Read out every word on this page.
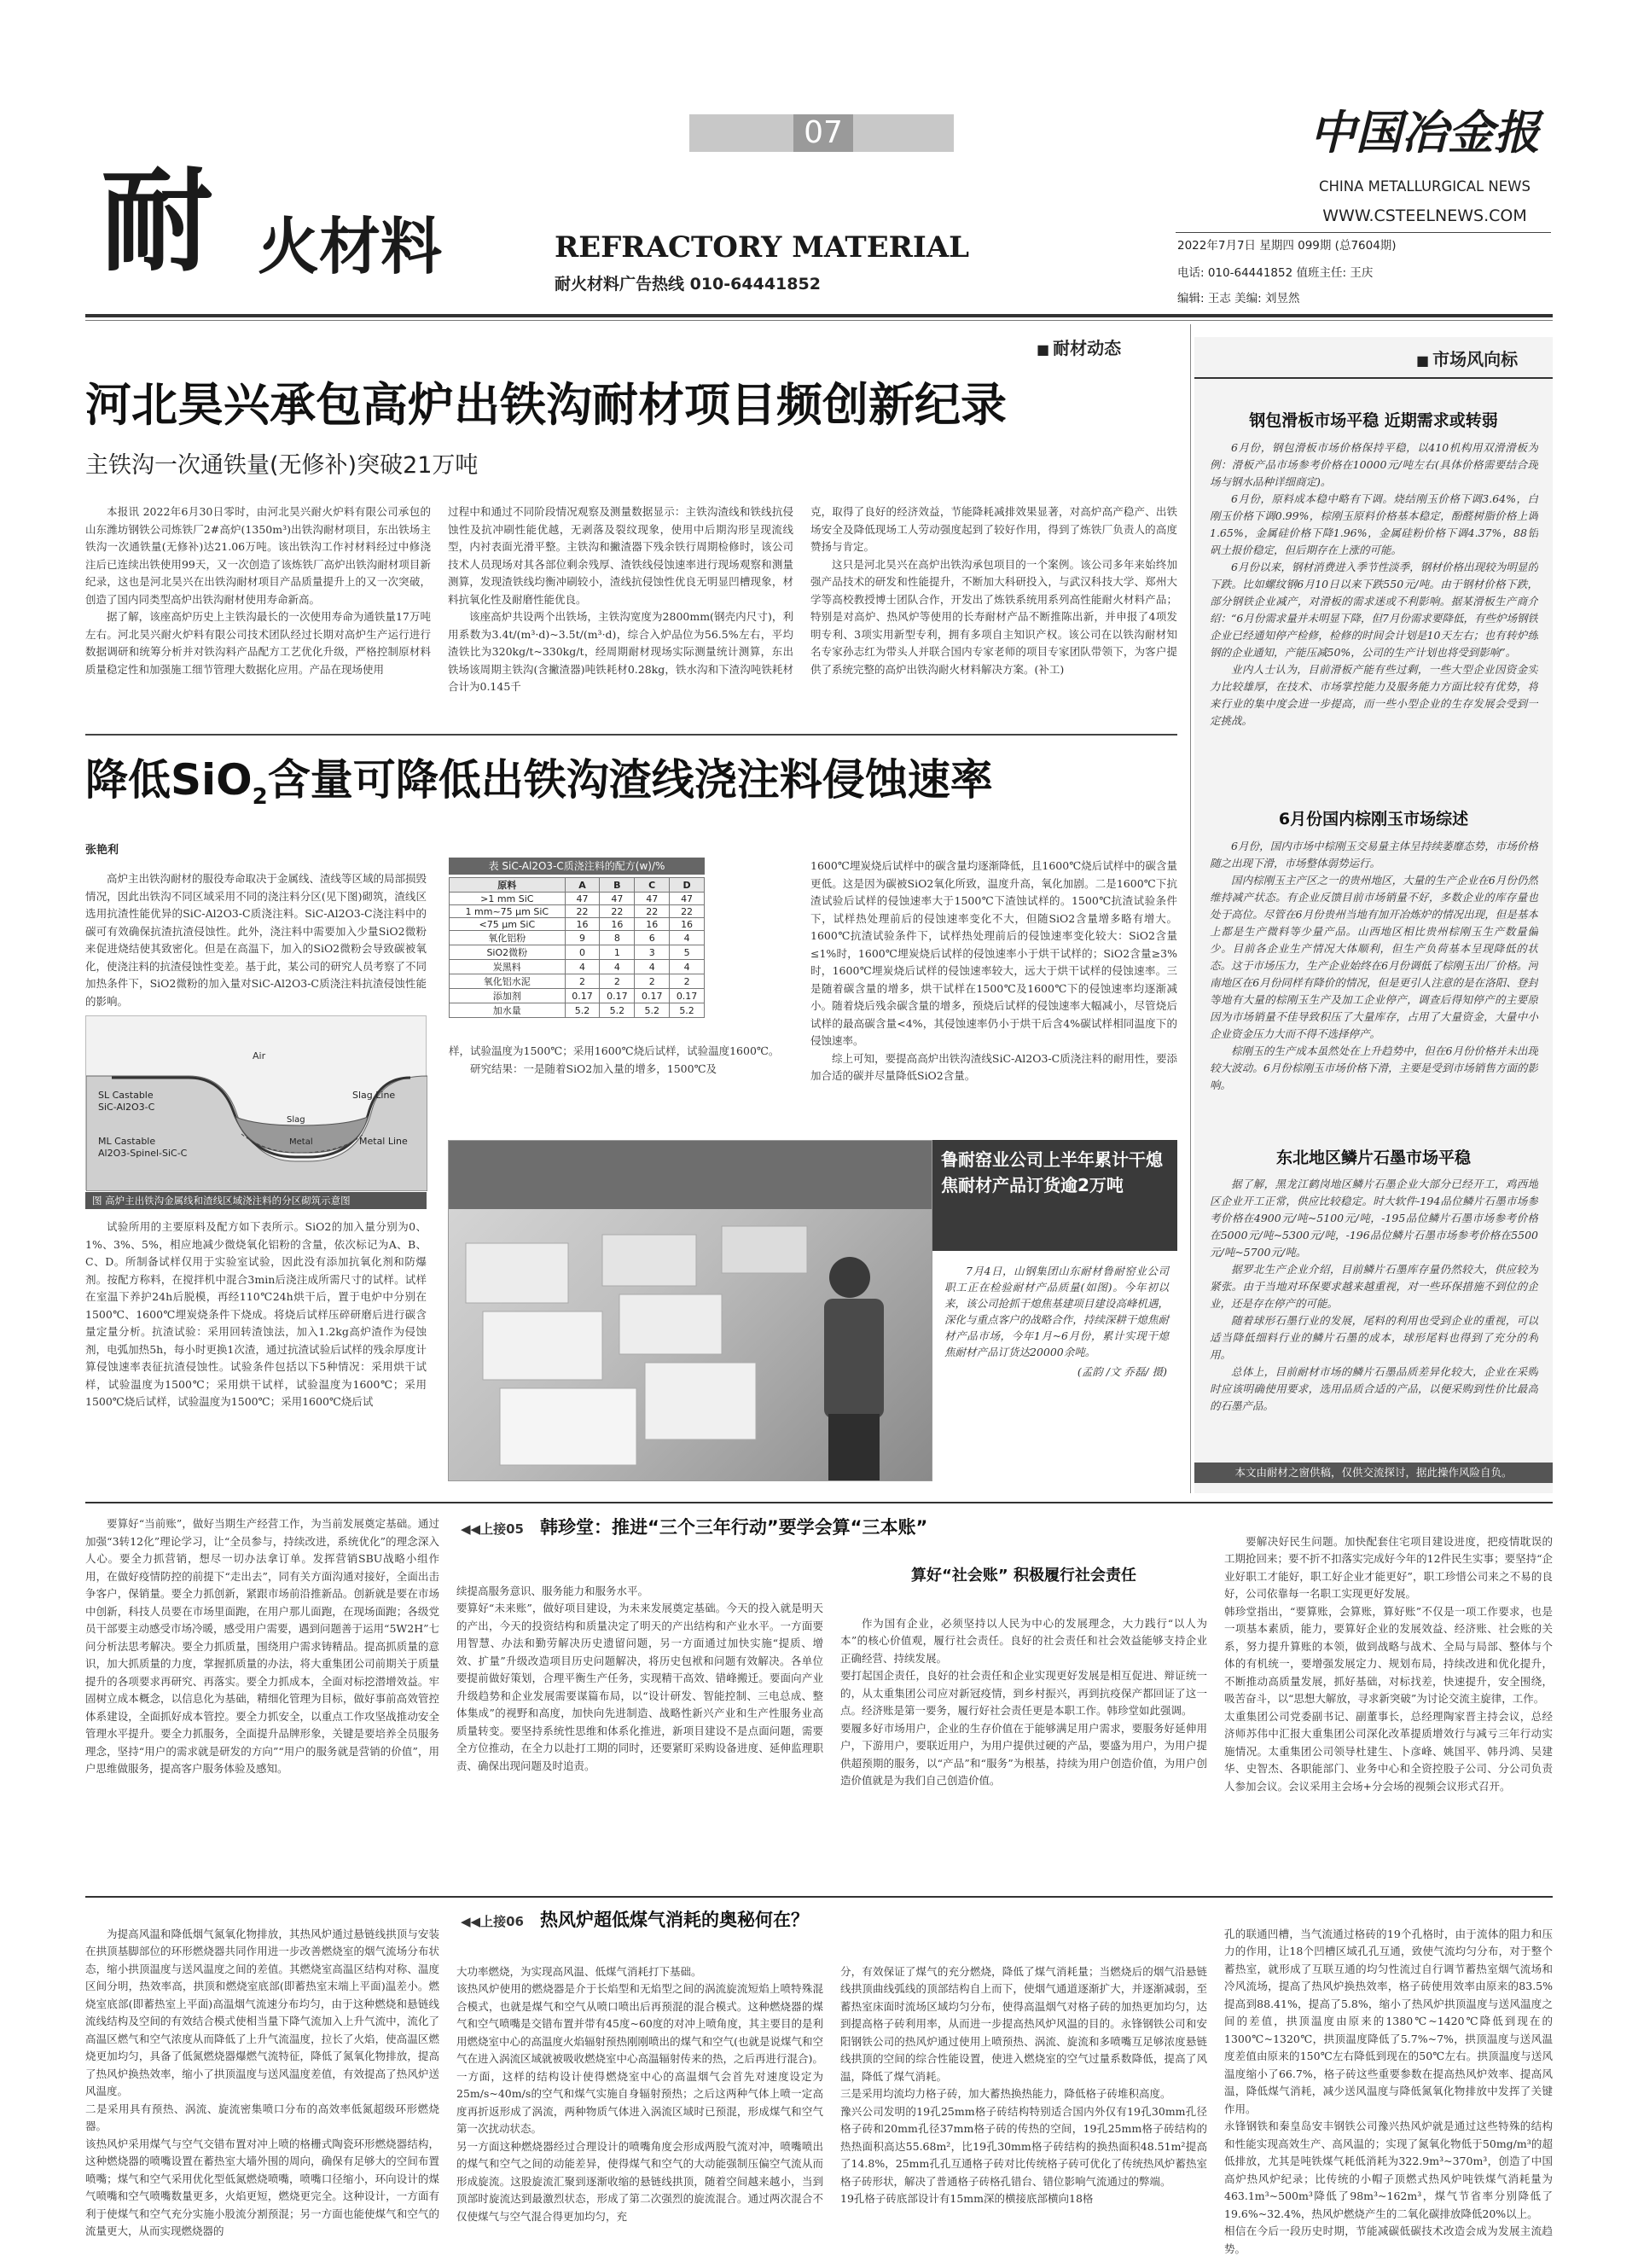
07
耐 火材料	REFRACTORY MATERIAL
耐火材料广告热线 010-64441852
中国冶金报
CHINA METALLURGICAL NEWS
WWW.CSTEELNEWS.COM
2022年7月7日 星期四 099期 (总7604期)
电话: 010-64441852 值班主任: 王庆
编辑: 王志 美编: 刘昱然
■ 耐材动态
河北昊兴承包高炉出铁沟耐材项目频创新纪录
主铁沟一次通铁量(无修补)突破21万吨

本报讯 2022年6月30日零时，由河北昊兴耐火炉料有限公司承包的山东潍坊钢铁公司炼铁厂2#高炉(1350m³)出铁沟耐材项目，东出铁场主铁沟一次通铁量(无修补)达21.06万吨。该出铁沟工作衬材料经过中修浇注后已连续出铁使用99天，又一次创造了该炼铁厂高炉出铁沟耐材项目新纪录，这也是河北昊兴在出铁沟耐材项目产品质量提升上的又一次突破，创造了国内同类型高炉出铁沟耐材使用寿命新高。

据了解，该座高炉历史上主铁沟最长的一次使用寿命为通铁量17万吨左右。河北昊兴耐火炉料有限公司技术团队经过长期对高炉生产运行进行数据调研和统筹分析并对铁沟料产品配方工艺优化升级，严格控制原材料质量稳定性和加强施工细节管理大数据化应用。产品在现场使用

过程中和通过不同阶段情况观察及测量数据显示：主铁沟渣线和铁线抗侵蚀性及抗冲刷性能优越，无剥落及裂纹现象，使用中后期沟形呈现流线型，内衬表面光滑平整。主铁沟和撇渣器下残余铁行周期检修时，该公司技术人员现场对其各部位剩余残厚、渣铁线侵蚀速率进行现场观察和测量测算，发现渣铁线均衡冲刷较小，渣线抗侵蚀性优良无明显凹槽现象，材料抗氧化性及耐磨性能优良。

该座高炉共设两个出铁场，主铁沟宽度为2800mm(钢壳内尺寸)，利用系数为3.4t/(m³·d)~3.5t/(m³·d)，综合入炉品位为56.5%左右，平均渣铁比为320kg/t~330kg/t，经周期耐材现场实际测量统计测算，东出铁场该周期主铁沟(含撇渣器)吨铁耗材0.28kg，铁水沟和下渣沟吨铁耗材合计为0.145千

克，取得了良好的经济效益，节能降耗减排效果显著，对高炉高产稳产、出铁场安全及降低现场工人劳动强度起到了较好作用，得到了炼铁厂负责人的高度赞扬与肯定。

这只是河北昊兴在高炉出铁沟承包项目的一个案例。该公司多年来始终加强产品技术的研发和性能提升，不断加大科研投入，与武汉科技大学、郑州大学等高校教授博士团队合作，开发出了炼铁系统用系列高性能耐火材料产品；特别是对高炉、热风炉等使用的长寿耐材产品不断推陈出新，并申报了4项发明专利、3项实用新型专利，拥有多项自主知识产权。该公司在以铁沟耐材知名专家孙志红为带头人并联合国内专家老师的项目专家团队带领下，为客户提供了系统完整的高炉出铁沟耐火材料解决方案。(补工)

降低SiO$_2$含量可降低出铁沟渣线浇注料侵蚀速率
张艳利

高炉主出铁沟耐材的服役寿命取决于金属线、渣线等区域的局部损毁情况，因此出铁沟不同区域采用不同的浇注料分区(见下图)砌筑，渣线区选用抗渣性能优异的SiC-Al2O3-C质浇注料。SiC-Al2O3-C浇注料中的碳可有效确保抗渣抗渣侵蚀性。此外，浇注料中需要加入少量SiO2微粉来促进烧结使其致密化。但是在高温下，加入的SiO2微粉会导致碳被氧化，使浇注料的抗渣侵蚀性变差。基于此，某公司的研究人员考察了不同加热条件下，SiO2微粉的加入量对SiC-Al2O3-C质浇注料抗渣侵蚀性能的影响。

Air
SL Castable
SiC-Al2O3-C
Slag Line
Slag
ML Castable
Al2O3-Spinel-SiC-C
Metal	Metal Line
图 高炉主出铁沟金属线和渣线区域浇注料的分区砌筑示意图

试验所用的主要原料及配方如下表所示。SiO2的加入量分别为0、1%、3%、5%，相应地减少微烧氧化铝粉的含量，依次标记为A、B、C、D。所制备试样仅用于实验室试验，因此没有添加抗氧化剂和防爆剂。按配方称料，在搅拌机中混合3min后浇注成所需尺寸的试样。试样在室温下养护24h后脱模，再经110℃24h烘干后，置于电炉中分别在1500℃、1600℃埋炭烧条件下烧成。将烧后试样压碎研磨后进行碳含量定量分析。抗渣试验：采用回转渣蚀法，加入1.2kg高炉渣作为侵蚀剂，电弧加热5h，每小时更换1次渣，通过抗渣试验后试样的残余厚度计算侵蚀速率表征抗渣侵蚀性。试验条件包括以下5种情况：采用烘干试样，试验温度为1500℃；采用烘干试样，试验温度为1600℃；采用1500℃烧后试样，试验温度为1500℃；采用1600℃烧后试

表 SiC-Al2O3-C质浇注料的配方(w)/%
原料	A	B	C	D
>1 mm SiC	47	47	47	47
1 mm~75 μm SiC	22	22	22	22
<75 μm SiC	16	16	16	16
氧化铝粉	9	8	6	4
SiO2微粉	0	1	3	5
炭黑料	4	4	4	4
氧化铝水泥	2	2	2	2
添加剂	0.17	0.17	0.17	0.17
加水量	5.2	5.2	5.2	5.2

样，试验温度为1500℃；采用1600℃烧后试样，试验温度1600℃。

研究结果：一是随着SiO2加入量的增多，1500℃及

1600℃埋炭烧后试样中的碳含量均逐渐降低，且1600℃烧后试样中的碳含量更低。这是因为碳被SiO2氧化所致，温度升高，氧化加剧。二是1600℃下抗渣试验后试样的侵蚀速率大于1500℃下渣蚀试样的。1500℃抗渣试验条件下，试样热处理前后的侵蚀速率变化不大，但随SiO2含量增多略有增大。1600℃抗渣试验条件下，试样热处理前后的侵蚀速率变化较大：SiO2含量≤1%时，1600℃埋炭烧后试样的侵蚀速率小于烘干试样的；SiO2含量≥3%时，1600℃埋炭烧后试样的侵蚀速率较大，远大于烘干试样的侵蚀速率。三是随着碳含量的增多，烘干试样在1500℃及1600℃下的侵蚀速率均逐渐减小。随着烧后残余碳含量的增多，预烧后试样的侵蚀速率大幅减小，尽管烧后试样的最高碳含量<4%，其侵蚀速率仍小于烘干后含4%碳试样相同温度下的侵蚀速率。

综上可知，要提高高炉出铁沟渣线SiC-Al2O3-C质浇注料的耐用性，要添加合适的碳并尽量降低SiO2含量。

鲁耐窑业公司上半年累计干熄焦耐材产品订货逾2万吨
7月4日，山钢集团山东耐材鲁耐窑业公司职工正在检验耐材产品质量(如图)。今年初以来，该公司抢抓干熄焦基建项目建设高峰机遇，深化与重点客户的战略合作，持续深耕干熄焦耐材产品市场，今年1月~6月份，累计实现干熄焦耐材产品订货达20000余吨。
(孟韵 /文 乔磊/ 摄)
■ 市场风向标
钢包滑板市场平稳 近期需求或转弱

6月份，钢包滑板市场价格保持平稳，以410机构用双滑滑板为例：滑板产品市场参考价格在10000元/吨左右(具体价格需要结合现场与钢水品种详细商定)。

6月份，原料成本稳中略有下调。烧结刚玉价格下调3.64%，白刚玉价格下调0.99%，棕刚玉原料价格基本稳定，酚醛树脂价格上调1.65%，金属硅价格下降1.96%，金属硅粉价格下调4.37%，88铝矾土报价稳定，但后期存在上涨的可能。

6月份以来，钢材消费进入季节性淡季，钢材价格出现较为明显的下跌。比如螺纹钢6月10日以来下跌550元/吨。由于钢材价格下跌，部分钢铁企业减产，对滑板的需求迷或不利影响。据某滑板生产商介绍：“6月份需求量并未明显下降，但7月份需求要降低，有些炉场钢铁企业已经通知停产检修，检修的时间会计划是10天左右；也有转炉练钢的企业通知，产能压减50%，公司的生产计划也将受到影响”。

业内人士认为，目前滑板产能有些过剩，一些大型企业因资金实力比较雄厚，在技术、市场掌控能力及服务能力方面比较有优势，将来行业的集中度会进一步提高，而一些小型企业的生存发展会受到一定挑战。

6月份国内棕刚玉市场综述

6月份，国内市场中棕刚玉交易量主体呈持续萎靡态势，市场价格随之出现下滑，市场整体弱势运行。

国内棕刚玉主产区之一的贵州地区，大量的生产企业在6月份仍然维持减产状态。有企业反馈目前市场销量不好，多数企业的库存量也处于高位。尽管在6月份贵州当地有加开冶炼炉的情况出现，但是基本上都是生产微料等少量产品。山西地区相比贵州棕刚玉生产数量偏少。目前各企业生产情况大体顺利，但生产负荷基本呈现降低的状态。这于市场压力，生产企业始终在6月份调低了棕刚玉出厂价格。河南地区在6月份同样有降价的情况，但是更引人注意的是在洛阳、登封等地有大量的棕刚玉生产及加工企业停产，调查后得知停产的主要原因为市场销量不佳导致积压了大量库存，占用了大量资金，大量中小企业资金压力大而不得不选择停产。

棕刚玉的生产成本虽然处在上升趋势中，但在6月份价格并未出现较大波动。6月份棕刚玉市场价格下滑，主要是受到市场销售方面的影响。

东北地区鳞片石墨市场平稳

据了解，黑龙江鹤岗地区鳞片石墨企业大部分已经开工，鸡西地区企业开工正常，供应比较稳定。时大软件-194品位鳞片石墨市场参考价格在4900元/吨~5100元/吨，-195品位鳞片石墨市场参考价格在5000元/吨~5300元/吨，-196品位鳞片石墨市场参考价格在5500元/吨~5700元/吨。

据罗北生产企业介绍，目前鳞片石墨库存量仍然较大，供应较为紧张。由于当地对环保要求越来越重视，对一些环保措施不到位的企业，还是存在停产的可能。

随着球形石墨行业的发展，尾料的利用也受到企业的重视，可以适当降低细料行业的鳞片石墨的成本，球形尾料也得到了充分的利用。

总体上，目前耐材市场的鳞片石墨品质差异化较大，企业在采购时应该明确使用要求，选用品质合适的产品，以便采购到性价比最高的石墨产品。

本文由耐材之窗供稿，仅供交流探讨，据此操作风险自负。
◀◀上接05 韩珍堂：推进“三个三年行动”要学会算“三本账”

要算好“当前账”，做好当期生产经营工作，为当前发展奠定基础。通过加强“3转12化”理论学习，让“全员参与，持续改进，系统优化”的理念深入人心。要全力抓营销，想尽一切办法拿订单。发挥营销SBU战略小组作用，在做好疫情防控的前提下“走出去”，同有关方面沟通对接好，全面出击争客户，保销量。要全力抓创新，紧跟市场前沿推新品。创新就是要在市场中创新，科技人员要在市场里面跑，在用户那儿面跑，在现场面跑；各级党员干部要主动感受市场冷暖，感受用户需要，遇到问题善于运用“5W2H”七问分析法思考解决。要全力抓质量，围绕用户需求铸精品。提高抓质量的意识，加大抓质量的力度，掌握抓质量的办法，将大重集团公司前期关于质量提升的各项要求再研究、再落实。要全力抓成本，全面对标挖潜增效益。牢固树立成本概念，以信息化为基础，精细化管理为目标，做好事前高效管控体系建设，全面抓好成本管控。要全力抓安全，以重点工作攻坚战推动安全管理水平提升。要全力抓服务，全面提升品牌形象，关键是要培养全员服务理念，坚持“用户的需求就是研发的方向”“用户的服务就是营销的价值”，用户思维做服务，提高客户服务体验及感知。

续提高服务意识、服务能力和服务水平。
要算好“未来账”，做好项目建设，为未来发展奠定基础。今天的投入就是明天的产出，今天的投资结构和质量决定了明天的产出结构和产业水平。一方面要用智慧、办法和勤劳解决历史遗留问题，另一方面通过加快实施“提质、增效、扩量”升级改造项目历史问题解决，将历史包袱和问题有效解决。各单位要提前做好策划，合理平衡生产任务，实现精干高效、错峰搬迁。要面向产业升级趋势和企业发展需要谋篇布局，以“设计研发、智能控制、三电总成、整体集成”的视野和高度，加快向先进制造、战略性新兴产业和生产性服务业高质量转变。要坚持系统性思维和体系化推进，新项目建设不是点面问题，需要全方位推动，在全力以赴打工期的同时，还要紧盯采购设备进度、延伸监理职责、确保出现问题及时追责。

算好“社会账” 积极履行社会责任

作为国有企业，必须坚持以人民为中心的发展理念，大力践行“以人为本”的核心价值观，履行社会责任。良好的社会责任和社会效益能够支持企业正确经营、持续发展。
要打起国企责任，良好的社会责任和企业实现更好发展是相互促进、辩证统一的，从太重集团公司应对新冠疫情，到乡村振兴，再到抗疫保产都回证了这一点。经济账是第一要务，履行好社会责任更是本职工作。韩珍堂如此强调。
要履多好市场用户，企业的生存价值在于能够满足用户需求，要服务好延伸用户，下游用户，要联近用户，为用户提供过硬的产品，要盛为用户，为用户提供超预期的服务，以“产品”和“服务”为根基，持续为用户创造价值，为用户创造价值就是为我们自己创造价值。

要解决好民生问题。加快配套住宅项目建设进度，把疫情耽误的工期抢回来；要不折不扣落实完成好今年的12件民生实事；要坚持“企业好职工才能好，职工好企业才能更好”，职工珍惜公司来之不易的良好，公司依靠每一名职工实现更好发展。
韩珍堂指出，“要算账，会算账，算好账”不仅是一项工作要求，也是一项基本素质，能力，要算好企业的发展效益、经济账、社会账的关系，努力提升算账的本领，做到战略与战术、全局与局部、整体与个体的有机统一，要增强发展定力、规划布局，持续改进和优化提升，不断推动高质量发展，抓好基础，对标找差，快速提升，安全围绕，吸苦奋斗，以“思想大解放，寻求新突破”为讨论交流主旋律，工作。
太重集团公司党委副书记、副董事长，总经理陶家晋主持会议，总经济师苏伟中汇报大重集团公司深化改革提质增效行与减亏三年行动实施情况。太重集团公司领导杜建生、卜彦峰、姚国平、韩丹鸿、吴建华、史智杰、各职能部门、业务中心和全资控股子公司、分公司负责人参加会议。会议采用主会场+分会场的视频会议形式召开。

◀◀上接06 热风炉超低煤气消耗的奥秘何在？

为提高风温和降低烟气氮氧化物排放，其热风炉通过悬链线拱顶与安装在拱顶基脚部位的环形燃烧器共同作用进一步改善燃烧室的烟气流场分布状态，缩小拱顶温度与送风温度之间的差值。其燃烧室高温区结构对称、温度区间分明，热效率高，拱顶和燃烧室底部(即蓄热室末端上平面)温差小。燃烧室底部(即蓄热室上平面)高温烟气流速分布均匀，由于这种燃烧和悬链线流线结构及空间的有效结合模式使相当量下降气流加入上升气流中，流化了高温区燃气和空气浓度从而降低了上升气流温度，拉长了火焰，使高温区燃烧更加均匀，具备了低氮燃烧器爆燃气流特征，降低了氮氧化物排放，提高了热风炉换热效率，缩小了拱顶温度与送风温度差值，有效提高了热风炉送风温度。
二是采用具有预热、涡流、旋流密集喷口分布的高效率低氮超级环形燃烧器。
该热风炉采用煤气与空气交错布置对冲上喷的格栅式陶瓷环形燃烧器结构，这种燃烧器的喷嘴设置在蓄热室大墙外围的周向，确保有足够大的空间布置喷嘴；煤气和空气采用优化型低氮燃烧喷嘴，喷嘴口径缩小，环向设计的煤气喷嘴和空气喷嘴数量更多，火焰更短，燃烧更完全。这种设计，一方面有利于使煤气和空气充分实施小股流分割预混；另一方面也能使煤气和空气的流量更大，从而实现燃烧器的

大功率燃烧，为实现高风温、低煤气消耗打下基础。
该热风炉使用的燃烧器是介于长焰型和无焰型之间的涡流旋流短焰上喷特殊混合模式，也就是煤气和空气从喷口喷出后再预混的混合模式。这种燃烧器的煤气和空气喷嘴是交错布置并带有45度~60度的对冲上喷角度，其主要目的是利用燃烧室中心的高温度火焰辐射预热刚刚喷出的煤气和空气(也就是说煤气和空气在进入涡流区域就被吸收燃烧室中心高温辐射传来的热，之后再进行混合)。
一方面，这样的结构设计使得燃烧室中心的高温烟气会首先对速度设定为25m/s~40m/s的空气和煤气实施自身辐射预热；之后这两种气体上喷一定高度再折返形成了涡流，两种物质气体进入涡流区域时已预混，形成煤气和空气第一次扰动状态。
另一方面这种燃烧器经过合理设计的喷嘴角度会形成两股气流对冲，喷嘴喷出的煤气和空气之间的动能差异，使得煤气和空气的大动能强制压偏空气流从而形成旋流。这股旋流汇聚到逐渐收缩的悬链线拱顶，随着空间越来越小，当到顶部时旋流达到最激烈状态，形成了第二次强烈的旋流混合。通过两次混合不仅使煤气与空气混合得更加均匀，充

分，有效保证了煤气的充分燃烧，降低了煤气消耗量；当燃烧后的烟气沿悬链线拱顶曲线弧线的顶部结构自上而下，使烟气通道逐渐扩大，并逐渐减弱，至蓄热室床面时流场区域均匀分布，使得高温烟气对格子砖的加热更加均匀，达到提高格子砖利用率，从而进一步提高热风炉风温的目的。永锋钢铁公司和安阳钢铁公司的热风炉通过使用上喷预热、涡流、旋流和多喷嘴互足够浓度悬链线拱顶的空间的综合性能设置，使进入燃烧室的空气过量系数降低，提高了风温，降低了煤气消耗。
三是采用均流均力格子砖，加大蓄热换热能力，降低格子砖堆积高度。
豫兴公司发明的19孔25mm格子砖结构特别适合国内外仅有19孔30mm孔径格子砖和20mm孔径37mm格子砖的传热的空间，19孔25mm格子砖结构的热热面积高达55.68m²，比19孔30mm格子砖结构的换热面积48.51m²提高了14.8%，25mm孔孔互通格子砖对比传统格子砖可优化了传统热风炉蓄热室格子砖形状，解决了普通格子砖格孔错台、错位影响气流通过的弊端。
19孔格子砖底部设计有15mm深的横接底部横向18格

孔的联通凹槽，当气流通过格砖的19个孔格时，由于流体的阻力和压力的作用，让18个凹槽区域孔孔互通，致使气流均匀分布，对于整个蓄热室，就形成了互联互通的均匀性流过自行调节蓄热室烟气流场和冷风流场，提高了热风炉换热效率，格子砖使用效率由原来的83.5%提高到88.41%，提高了5.8%，缩小了热风炉拱顶温度与送风温度之间的差值，拱顶温度由原来的1380℃~1420℃降低到现在的1300℃~1320℃，拱顶温度降低了5.7%~7%，拱顶温度与送风温度差值由原来的150℃左右降低到现在的50℃左右。拱顶温度与送风温度缩小了66.7%，格子砖这些重要参数在提高热风炉效率、提高风温，降低煤气消耗，减少送风温度与降低氮氧化物排放中发挥了关键作用。
永锋钢铁和秦皇岛安丰钢铁公司豫兴热风炉就是通过这些特殊的结构和性能实现高效生产、高风温的；实现了氮氧化物低于50mg/m³的超低排放，尤其是吨铁煤气耗低消耗为322.9m³~370m³，创造了中国高炉热风炉纪录；比传统的小帽子顶燃式热风炉吨铁煤气消耗量为463.1m³~500m³降低了98m³~162m³，煤气节省率分别降低了19.6%~32.4%，热风炉燃烧产生的二氧化碳排放降低20%以上。
相信在今后一段历史时期，节能减碳低碳技术改造会成为发展主流趋势。
